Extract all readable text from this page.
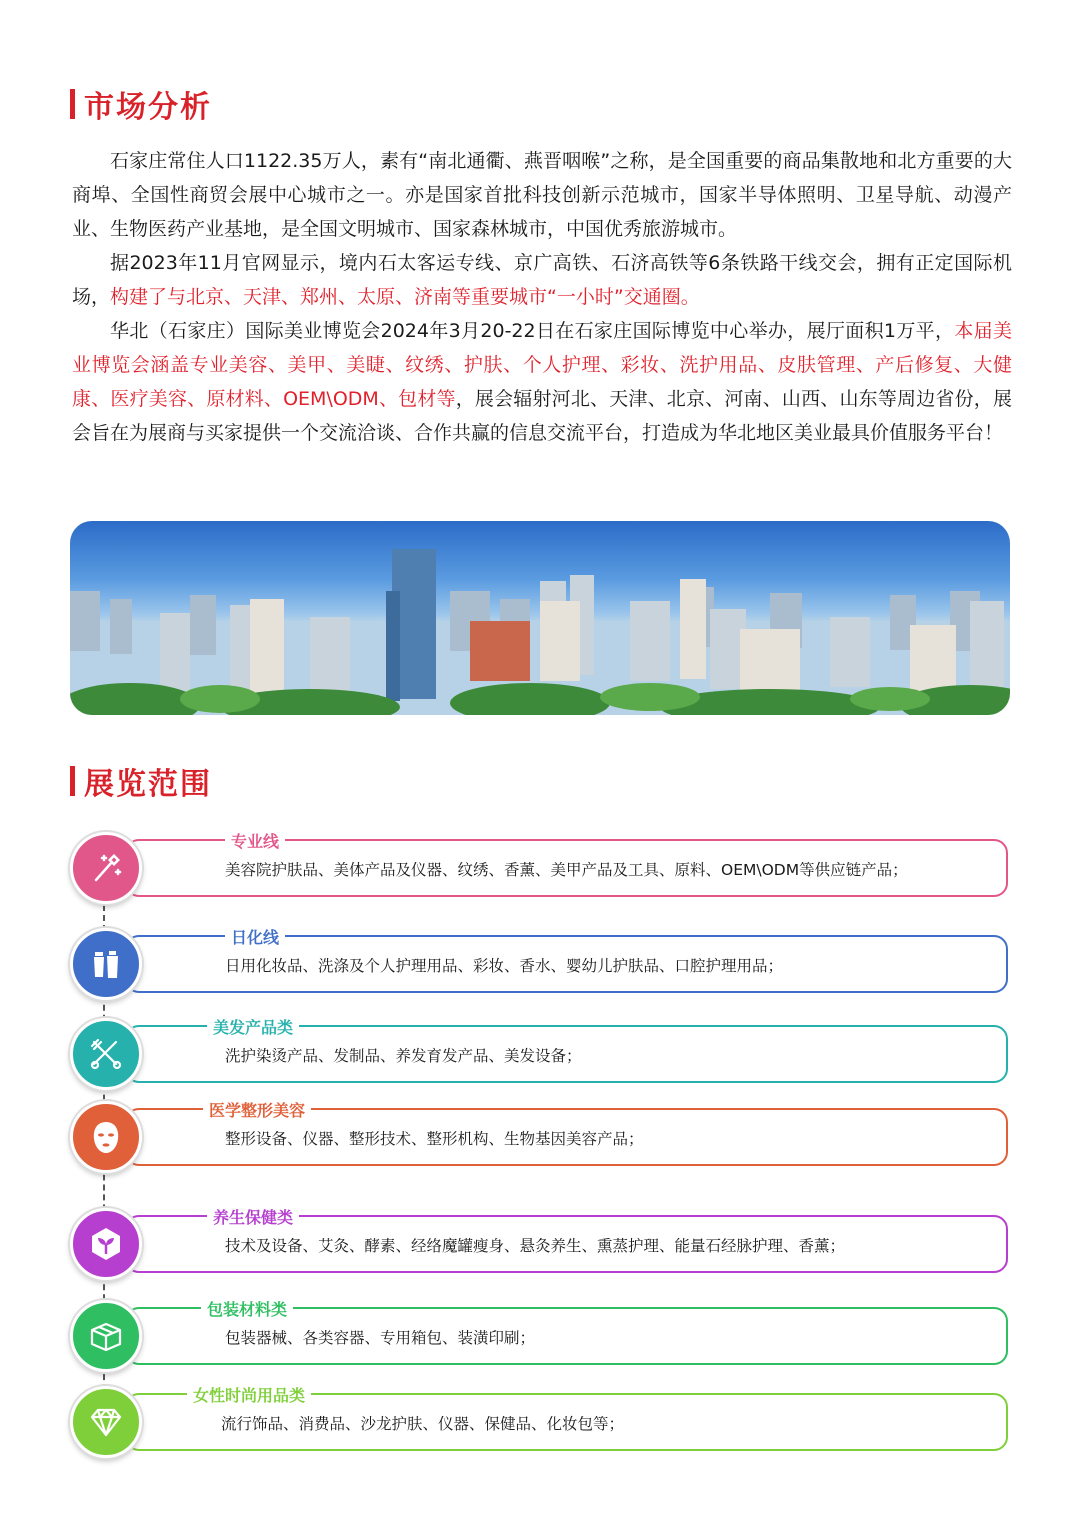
市场分析

石家庄常住人口1122.35万人，素有“南北通衢、燕晋咽喉”之称，是全国重要的商品集散地和北方重要的大商埠、全国性商贸会展中心城市之一。亦是国家首批科技创新示范城市，国家半导体照明、卫星导航、动漫产业、生物医药产业基地，是全国文明城市、国家森林城市，中国优秀旅游城市。

据2023年11月官网显示，境内石太客运专线、京广高铁、石济高铁等6条铁路干线交会，拥有正定国际机场，构建了与北京、天津、郑州、太原、济南等重要城市“一小时”交通圈。

华北（石家庄）国际美业博览会2024年3月20-22日在石家庄国际博览中心举办，展厅面积1万平，本届美业博览会涵盖专业美容、美甲、美睫、纹绣、护肤、个人护理、彩妆、洗护用品、皮肤管理、产后修复、大健康、医疗美容、原材料、OEM\ODM、包材等，展会辐射河北、天津、北京、河南、山西、山东等周边省份，展会旨在为展商与买家提供一个交流洽谈、合作共赢的信息交流平台，打造成为华北地区美业最具价值服务平台！

展览范围
专业线
美容院护肤品、美体产品及仪器、纹绣、香薰、美甲产品及工具、原料、OEM\ODM等供应链产品；
日化线
日用化妆品、洗涤及个人护理用品、彩妆、香水、婴幼儿护肤品、口腔护理用品；
美发产品类
洗护染烫产品、发制品、养发育发产品、美发设备；
医学整形美容
整形设备、仪器、整形技术、整形机构、生物基因美容产品；
养生保健类
技术及设备、艾灸、酵素、经络魔罐瘦身、悬灸养生、熏蒸护理、能量石经脉护理、香薰；
包装材料类
包装器械、各类容器、专用箱包、装潢印刷；
女性时尚用品类
流行饰品、消费品、沙龙护肤、仪器、保健品、化妆包等；
